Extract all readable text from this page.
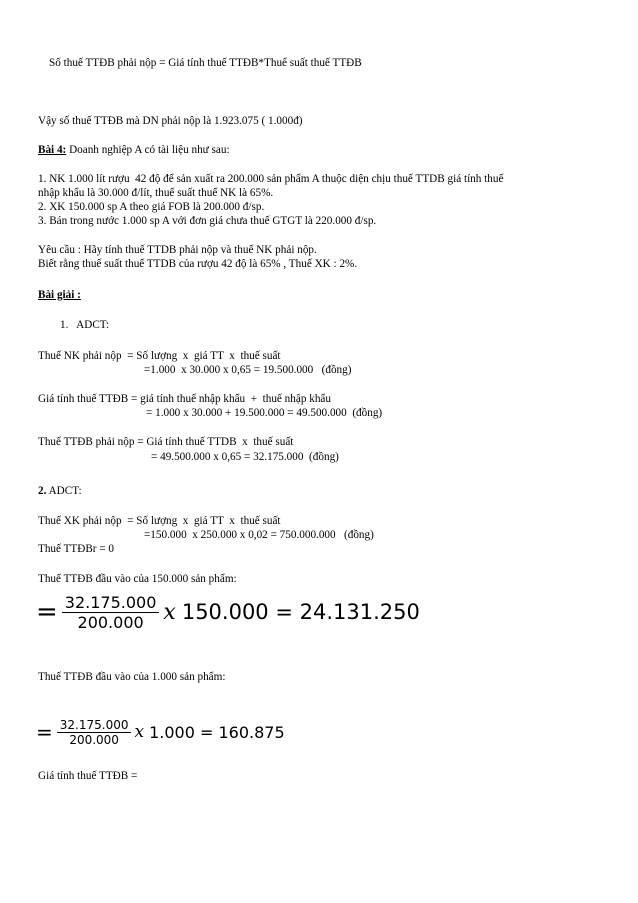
Số thuế TTĐB phải nộp = Giá tính thuế TTĐB*Thuế suất thuế TTĐB
Vậy số thuế TTĐB mà DN phải nộp là 1.923.075 ( 1.000đ)
Bài 4: Doanh nghiệp A có tài liệu như sau:
1. NK 1.000 lít rượu  42 độ để sản xuất ra 200.000 sản phẩm A thuộc diện chịu thuế TTDB giá tính thuế
nhập khẩu là 30.000 đ/lít, thuế suất thuế NK là 65%.
2. XK 150.000 sp A theo giá FOB là 200.000 đ/sp.
3. Bán trong nước 1.000 sp A với đơn giá chưa thuế GTGT là 220.000 đ/sp.
Yêu cầu : Hãy tính thuế TTDB phải nộp và thuế NK phải nộp.
Biết rằng thuế suất thuế TTDB của rượu 42 độ là 65% , Thuế XK : 2%.
Bài giải :
1.   ADCT:
Thuế NK phải nộp  = Số lượng  x  giá TT  x  thuế suất
=1.000  x 30.000 x 0,65 = 19.500.000   (đồng)
Giá tính thuế TTĐB = giá tính thuế nhập khẩu  +  thuế nhập khẩu
= 1.000 x 30.000 + 19.500.000 = 49.500.000  (đồng)
Thuế TTĐB phải nộp = Giá tính thuế TTDB  x  thuế suất
= 49.500.000 x 0,65 = 32.175.000  (đồng)
2. ADCT:
Thuế XK phải nộp  = Số lượng  x  giá TT  x  thuế suất
=150.000  x 250.000 x 0,02 = 750.000.000   (đồng)
Thuế TTĐBr = 0
Thuế TTĐB đầu vào của 150.000 sản phẩm:
= $\frac{32.175.000}{200.000}$ x 150.000 = 24.131.250
Thuế TTĐB đầu vào của 1.000 sản phẩm:
= $\frac{32.175.000}{200.000}$ x 1.000 = 160.875
Giá tính thuế TTĐB =
